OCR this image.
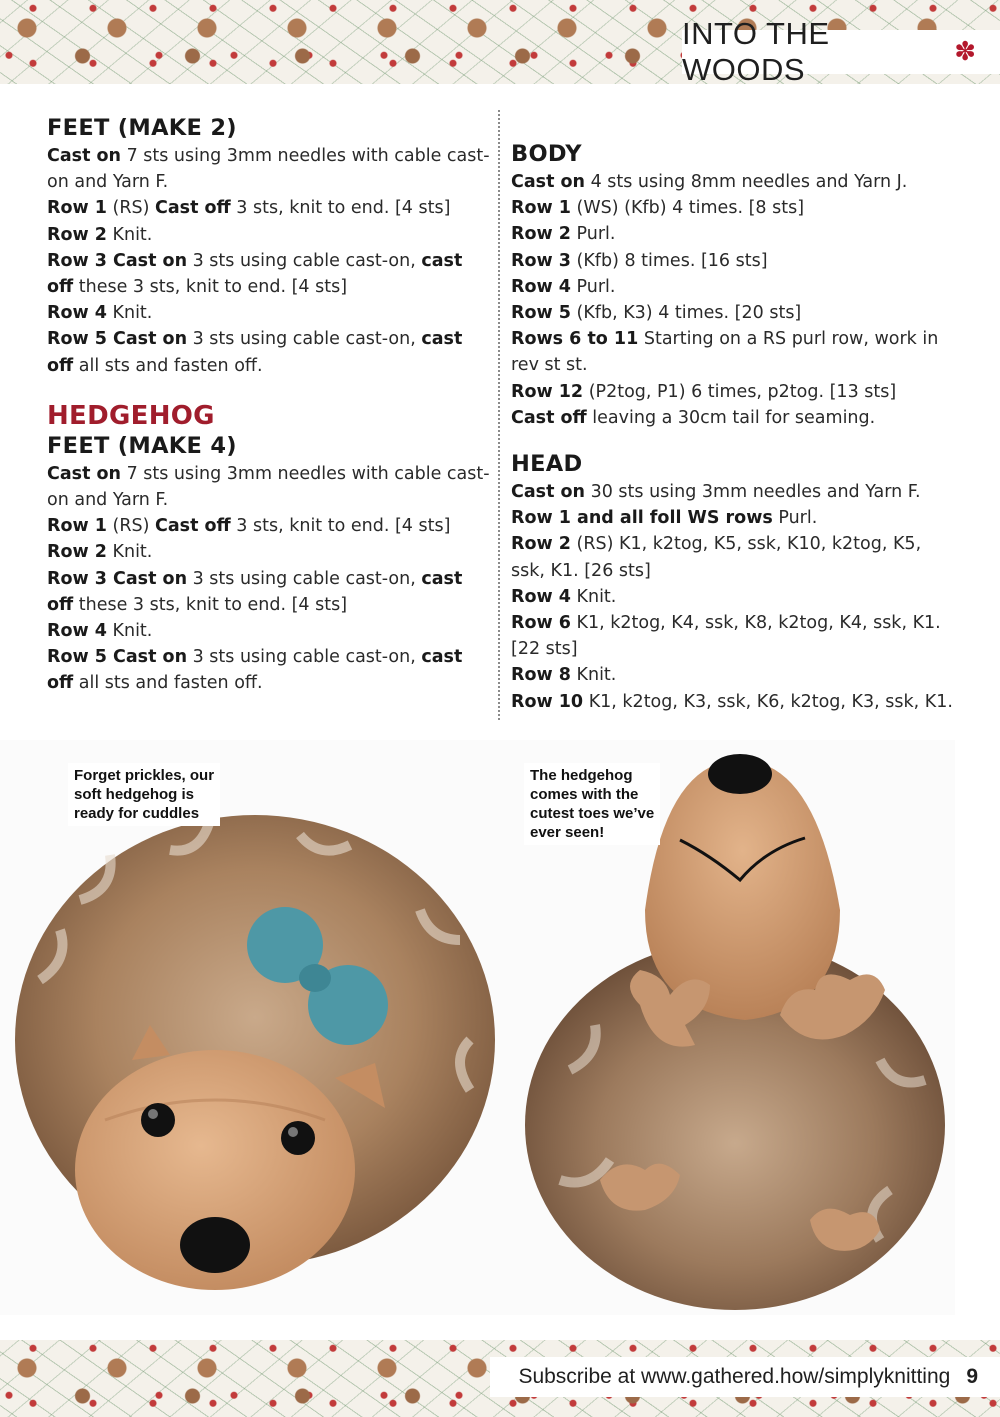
INTO THE WOODS	✽
FEET (MAKE 2)

Cast on 7 sts using 3mm needles with cable cast-on and Yarn F.

Row 1 (RS) Cast off 3 sts, knit to end. [4 sts]

Row 2 Knit.

Row 3 Cast on 3 sts using cable cast-on, cast off these 3 sts, knit to end. [4 sts]

Row 4 Knit.

Row 5 Cast on 3 sts using cable cast-on, cast off all sts and fasten off.

HEDGEHOG
FEET (MAKE 4)

Cast on 7 sts using 3mm needles with cable cast-on and Yarn F.

Row 1 (RS) Cast off 3 sts, knit to end. [4 sts]

Row 2 Knit.

Row 3 Cast on 3 sts using cable cast-on, cast off these 3 sts, knit to end. [4 sts]

Row 4 Knit.

Row 5 Cast on 3 sts using cable cast-on, cast off all sts and fasten off.

BODY

Cast on 4 sts using 8mm needles and Yarn J.

Row 1 (WS) (Kfb) 4 times. [8 sts]

Row 2 Purl.

Row 3 (Kfb) 8 times. [16 sts]

Row 4 Purl.

Row 5 (Kfb, K3) 4 times. [20 sts]

Rows 6 to 11 Starting on a RS purl row, work in rev st st.

Row 12 (P2tog, P1) 6 times, p2tog. [13 sts]

Cast off leaving a 30cm tail for seaming.

HEAD

Cast on 30 sts using 3mm needles and Yarn F.

Row 1 and all foll WS rows Purl.

Row 2 (RS) K1, k2tog, K5, ssk, K10, k2tog, K5, ssk, K1. [26 sts]

Row 4 Knit.

Row 6 K1, k2tog, K4, ssk, K8, k2tog, K4, ssk, K1. [22 sts]

Row 8 Knit.

Row 10 K1, k2tog, K3, ssk, K6, k2tog, K3, ssk, K1.

Forget prickles, our
soft hedgehog is
ready for cuddles
The hedgehog
comes with the
cutest toes we’ve
ever seen!
Subscribe at www.gathered.how/simplyknitting 9
